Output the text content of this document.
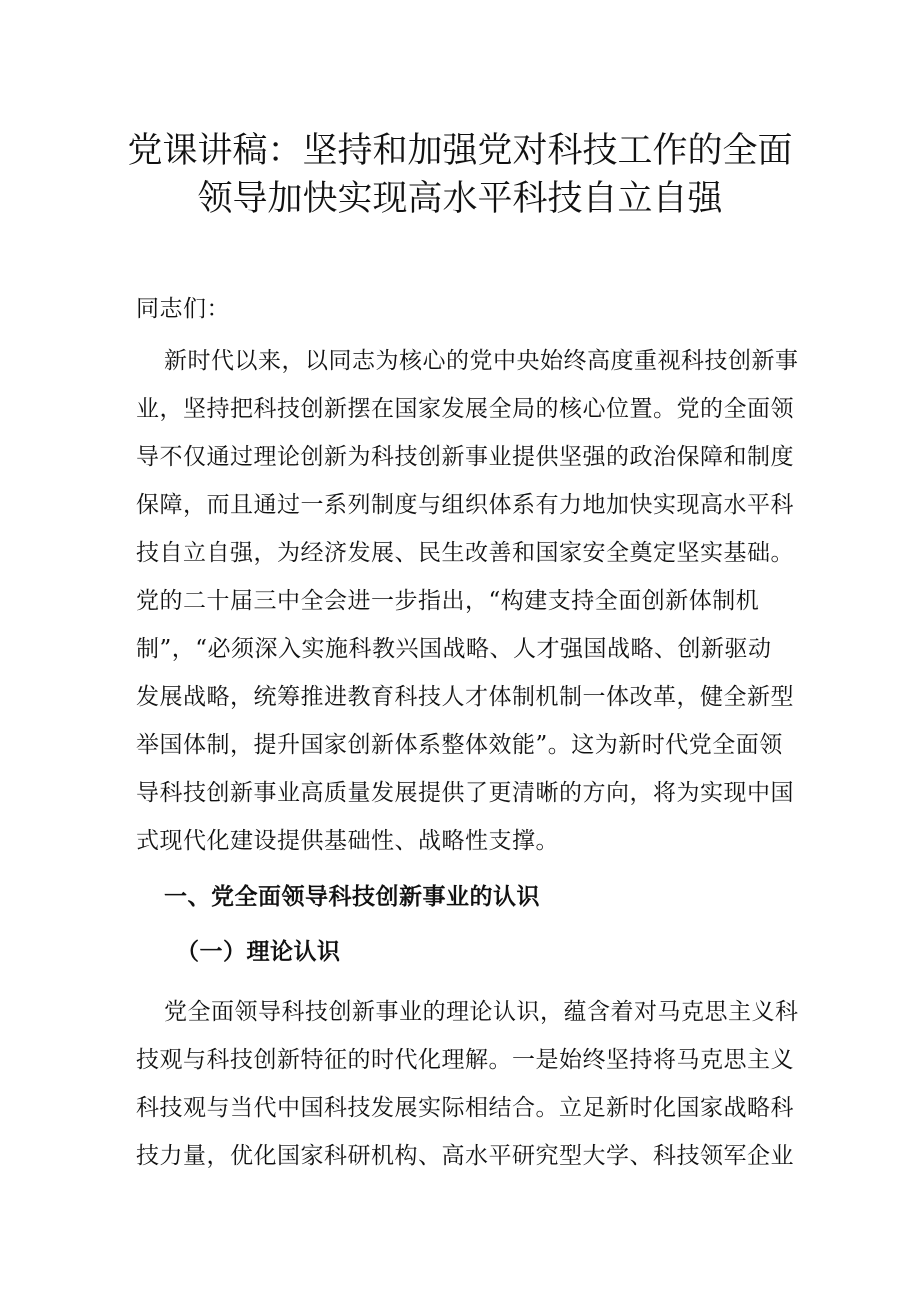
党课讲稿：坚持和加强党对科技工作的全面
领导加快实现高水平科技自立自强

同志们：

新时代以来，以同志为核心的党中央始终高度重视科技创新事
业，坚持把科技创新摆在国家发展全局的核心位置。党的全面领
导不仅通过理论创新为科技创新事业提供坚强的政治保障和制度
保障，而且通过一系列制度与组织体系有力地加快实现高水平科
技自立自强，为经济发展、民生改善和国家安全奠定坚实基础。
党的二十届三中全会进一步指出，“构建支持全面创新体制机
制”，“必须深入实施科教兴国战略、人才强国战略、创新驱动
发展战略，统筹推进教育科技人才体制机制一体改革，健全新型
举国体制，提升国家创新体系整体效能”。这为新时代党全面领
导科技创新事业高质量发展提供了更清晰的方向，将为实现中国
式现代化建设提供基础性、战略性支撑。

一、党全面领导科技创新事业的认识
（一）理论认识

党全面领导科技创新事业的理论认识，蕴含着对马克思主义科
技观与科技创新特征的时代化理解。一是始终坚持将马克思主义
科技观与当代中国科技发展实际相结合。立足新时化国家战略科
技力量，优化国家科研机构、高水平研究型大学、科技领军企业
